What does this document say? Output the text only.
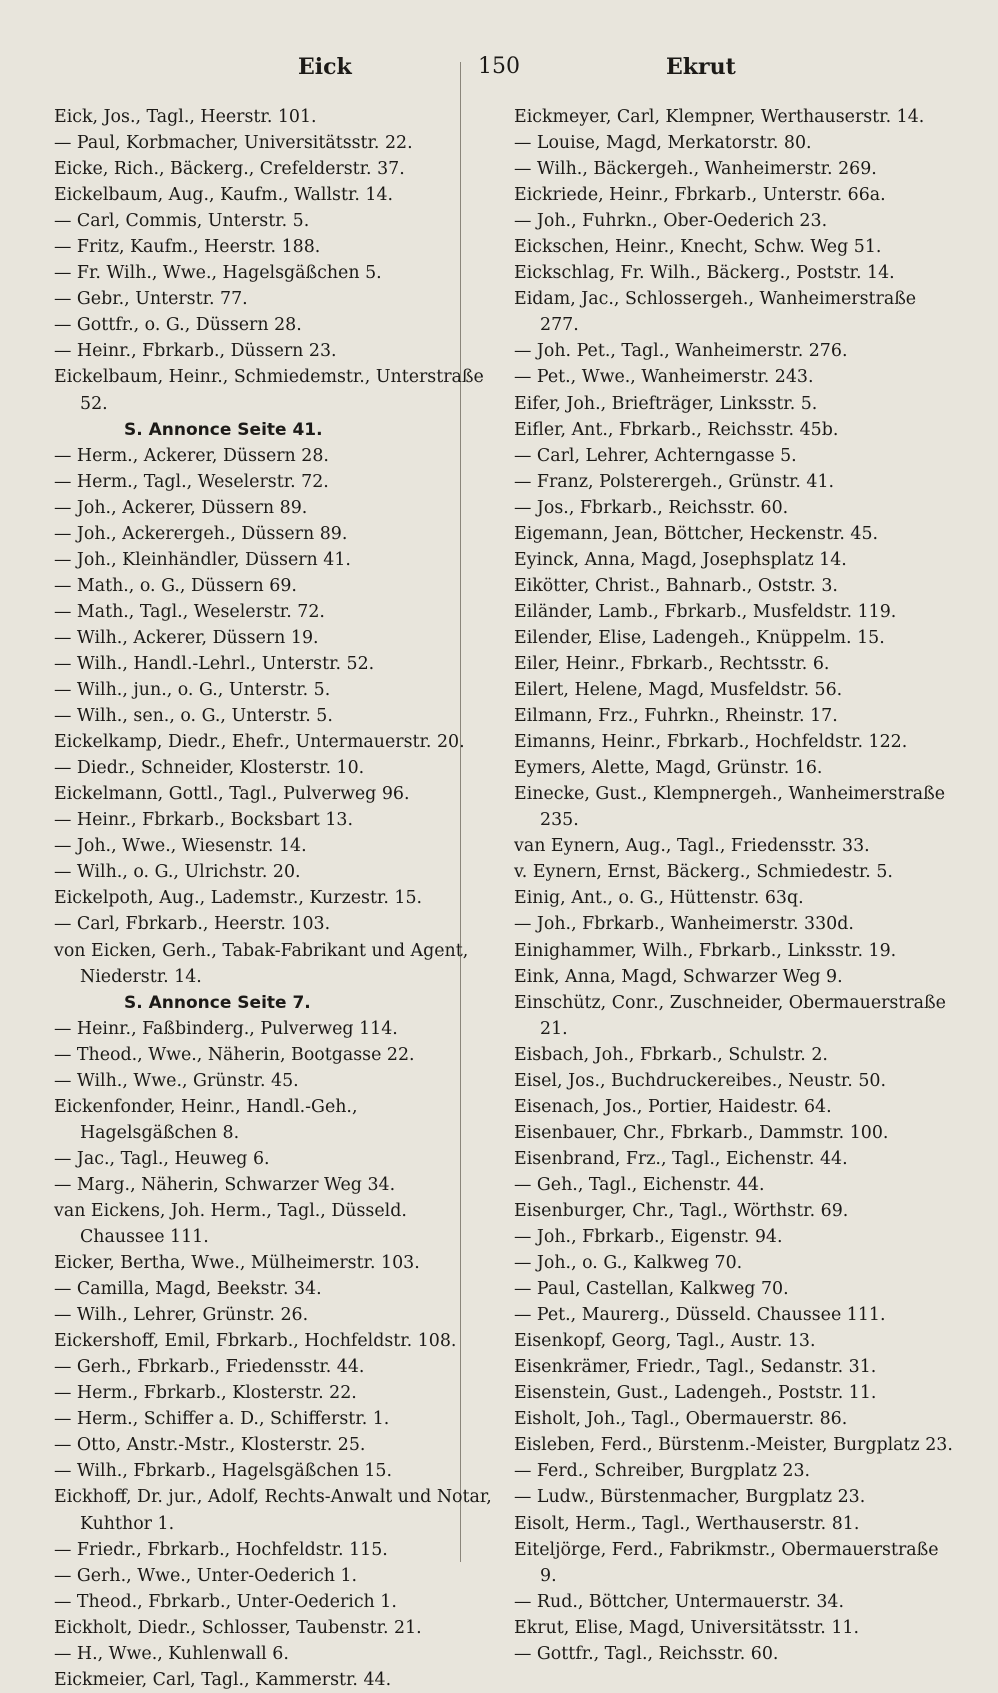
Eick	150	Ekrut
Eick, Jos., Tagl., Heerstr. 101.
— Paul, Korbmacher, Universitätsstr. 22.
Eicke, Rich., Bäckerg., Crefelderstr. 37.
Eickelbaum, Aug., Kaufm., Wallstr. 14.
— Carl, Commis, Unterstr. 5.
— Fritz, Kaufm., Heerstr. 188.
— Fr. Wilh., Wwe., Hagelsgäßchen 5.
— Gebr., Unterstr. 77.
— Gottfr., o. G., Düssern 28.
— Heinr., Fbrkarb., Düssern 23.
Eickelbaum, Heinr., Schmiedemstr., Unterstraße 52.
S. Annonce Seite 41.
— Herm., Ackerer, Düssern 28.
— Herm., Tagl., Weselerstr. 72.
— Joh., Ackerer, Düssern 89.
— Joh., Ackerergeh., Düssern 89.
— Joh., Kleinhändler, Düssern 41.
— Math., o. G., Düssern 69.
— Math., Tagl., Weselerstr. 72.
— Wilh., Ackerer, Düssern 19.
— Wilh., Handl.-Lehrl., Unterstr. 52.
— Wilh., jun., o. G., Unterstr. 5.
— Wilh., sen., o. G., Unterstr. 5.
Eickelkamp, Diedr., Ehefr., Untermauerstr. 20.
— Diedr., Schneider, Klosterstr. 10.
Eickelmann, Gottl., Tagl., Pulverweg 96.
— Heinr., Fbrkarb., Bocksbart 13.
— Joh., Wwe., Wiesenstr. 14.
— Wilh., o. G., Ulrichstr. 20.
Eickelpoth, Aug., Lademstr., Kurzestr. 15.
— Carl, Fbrkarb., Heerstr. 103.
von Eicken, Gerh., Tabak-Fabrikant und Agent, Niederstr. 14.
S. Annonce Seite 7.
— Heinr., Faßbinderg., Pulverweg 114.
— Theod., Wwe., Näherin, Bootgasse 22.
— Wilh., Wwe., Grünstr. 45.
Eickenfonder, Heinr., Handl.-Geh., Hagelsgäßchen 8.
— Jac., Tagl., Heuweg 6.
— Marg., Näherin, Schwarzer Weg 34.
van Eickens, Joh. Herm., Tagl., Düsseld. Chaussee 111.
Eicker, Bertha, Wwe., Mülheimerstr. 103.
— Camilla, Magd, Beekstr. 34.
— Wilh., Lehrer, Grünstr. 26.
Eickershoff, Emil, Fbrkarb., Hochfeldstr. 108.
— Gerh., Fbrkarb., Friedensstr. 44.
— Herm., Fbrkarb., Klosterstr. 22.
— Herm., Schiffer a. D., Schifferstr. 1.
— Otto, Anstr.-Mstr., Klosterstr. 25.
— Wilh., Fbrkarb., Hagelsgäßchen 15.
Eickhoff, Dr. jur., Adolf, Rechts-Anwalt und Notar, Kuhthor 1.
— Friedr., Fbrkarb., Hochfeldstr. 115.
— Gerh., Wwe., Unter-Oederich 1.
— Theod., Fbrkarb., Unter-Oederich 1.
Eickholt, Diedr., Schlosser, Taubenstr. 21.
— H., Wwe., Kuhlenwall 6.
Eickmeier, Carl, Tagl., Kammerstr. 44.
Eickmeyer, Carl, Klempner, Werthauserstr. 14.
— Louise, Magd, Merkatorstr. 80.
— Wilh., Bäckergeh., Wanheimerstr. 269.
Eickriede, Heinr., Fbrkarb., Unterstr. 66a.
— Joh., Fuhrkn., Ober-Oederich 23.
Eickschen, Heinr., Knecht, Schw. Weg 51.
Eickschlag, Fr. Wilh., Bäckerg., Poststr. 14.
Eidam, Jac., Schlossergeh., Wanheimerstraße 277.
— Joh. Pet., Tagl., Wanheimerstr. 276.
— Pet., Wwe., Wanheimerstr. 243.
Eifer, Joh., Briefträger, Linksstr. 5.
Eifler, Ant., Fbrkarb., Reichsstr. 45b.
— Carl, Lehrer, Achterngasse 5.
— Franz, Polsterergeh., Grünstr. 41.
— Jos., Fbrkarb., Reichsstr. 60.
Eigemann, Jean, Böttcher, Heckenstr. 45.
Eyinck, Anna, Magd, Josephsplatz 14.
Eikötter, Christ., Bahnarb., Oststr. 3.
Eiländer, Lamb., Fbrkarb., Musfeldstr. 119.
Eilender, Elise, Ladengeh., Knüppelm. 15.
Eiler, Heinr., Fbrkarb., Rechtsstr. 6.
Eilert, Helene, Magd, Musfeldstr. 56.
Eilmann, Frz., Fuhrkn., Rheinstr. 17.
Eimanns, Heinr., Fbrkarb., Hochfeldstr. 122.
Eymers, Alette, Magd, Grünstr. 16.
Einecke, Gust., Klempnergeh., Wanheimerstraße 235.
van Eynern, Aug., Tagl., Friedensstr. 33.
v. Eynern, Ernst, Bäckerg., Schmiedestr. 5.
Einig, Ant., o. G., Hüttenstr. 63q.
— Joh., Fbrkarb., Wanheimerstr. 330d.
Einighammer, Wilh., Fbrkarb., Linksstr. 19.
Eink, Anna, Magd, Schwarzer Weg 9.
Einschütz, Conr., Zuschneider, Obermauerstraße 21.
Eisbach, Joh., Fbrkarb., Schulstr. 2.
Eisel, Jos., Buchdruckereibes., Neustr. 50.
Eisenach, Jos., Portier, Haidestr. 64.
Eisenbauer, Chr., Fbrkarb., Dammstr. 100.
Eisenbrand, Frz., Tagl., Eichenstr. 44.
— Geh., Tagl., Eichenstr. 44.
Eisenburger, Chr., Tagl., Wörthstr. 69.
— Joh., Fbrkarb., Eigenstr. 94.
— Joh., o. G., Kalkweg 70.
— Paul, Castellan, Kalkweg 70.
— Pet., Maurerg., Düsseld. Chaussee 111.
Eisenkopf, Georg, Tagl., Austr. 13.
Eisenkrämer, Friedr., Tagl., Sedanstr. 31.
Eisenstein, Gust., Ladengeh., Poststr. 11.
Eisholt, Joh., Tagl., Obermauerstr. 86.
Eisleben, Ferd., Bürstenm.-Meister, Burgplatz 23.
— Ferd., Schreiber, Burgplatz 23.
— Ludw., Bürstenmacher, Burgplatz 23.
Eisolt, Herm., Tagl., Werthauserstr. 81.
Eiteljörge, Ferd., Fabrikmstr., Obermauerstraße 9.
— Rud., Böttcher, Untermauerstr. 34.
Ekrut, Elise, Magd, Universitätsstr. 11.
— Gottfr., Tagl., Reichsstr. 60.
